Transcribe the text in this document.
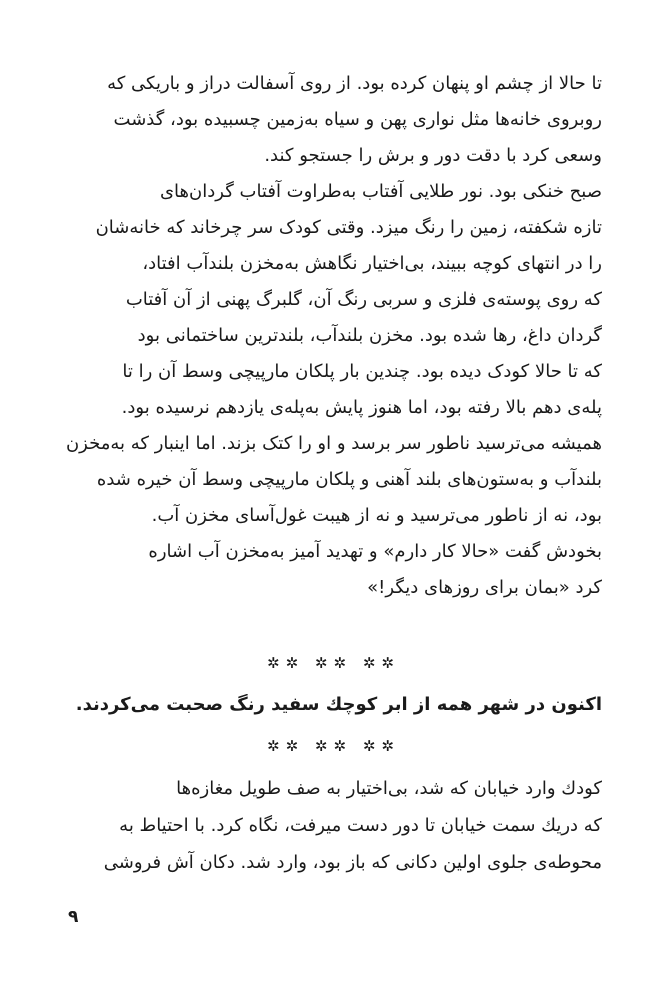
تا حالا از چشم او پنهان کرده بود. از روی آسفالت دراز و باریکی که
روبروی خانه‌ها مثل نواری پهن و سیاه به‌زمین چسبیده بود، گذشت
وسعی کرد با دقت دور و برش را جستجو کند.
صبح خنکی بود. نور طلایی آفتاب به‌طراوت آفتاب گردان‌های
تازه شکفته، زمین را رنگ میزد. وقتی کودک سر چرخاند که خانه‌شان
را در انتهای کوچه ببیند، بی‌اختیار نگاهش به‌مخزن بلندآب افتاد،
که روی پوسته‌ی فلزی و سربی رنگ آن، گلبرگ پهنی از آن آفتاب
گردان داغ، رها شده بود. مخزن بلندآب، بلندترین ساختمانی بود
که تا حالا کودک دیده بود. چندین بار پلکان مارپیچی وسط آن را تا
پله‌ی دهم بالا رفته بود، اما هنوز پایش به‌پله‌ی یازدهم نرسیده بود.
همیشه می‌ترسید ناطور سر برسد و او را کتک بزند. اما اینبار که به‌مخزن
بلندآب و به‌ستون‌های بلند آهنی و پلکان مارپیچی وسط آن خیره شده
بود، نه از ناطور می‌ترسید و نه از هیبت غول‌آسای مخزن آب.
بخودش گفت «حالا کار دارم» و تهدید آمیز به‌مخزن آب اشاره
کرد «بمان برای روزهای دیگر!»
✲✲ ✲✲ ✲✲
اکنون در شهر همه از ابر کوچك سفید رنگ صحبت می‌کردند.
✲✲ ✲✲ ✲✲
کودك وارد خیابان که شد، بی‌اختیار به صف طویل مغازه‌ها
که دریك سمت خیابان تا دور دست میرفت، نگاه کرد. با احتیاط به
محوطه‌ی جلوی اولین دکانی که باز بود، وارد شد. دکان آش فروشی
۹
